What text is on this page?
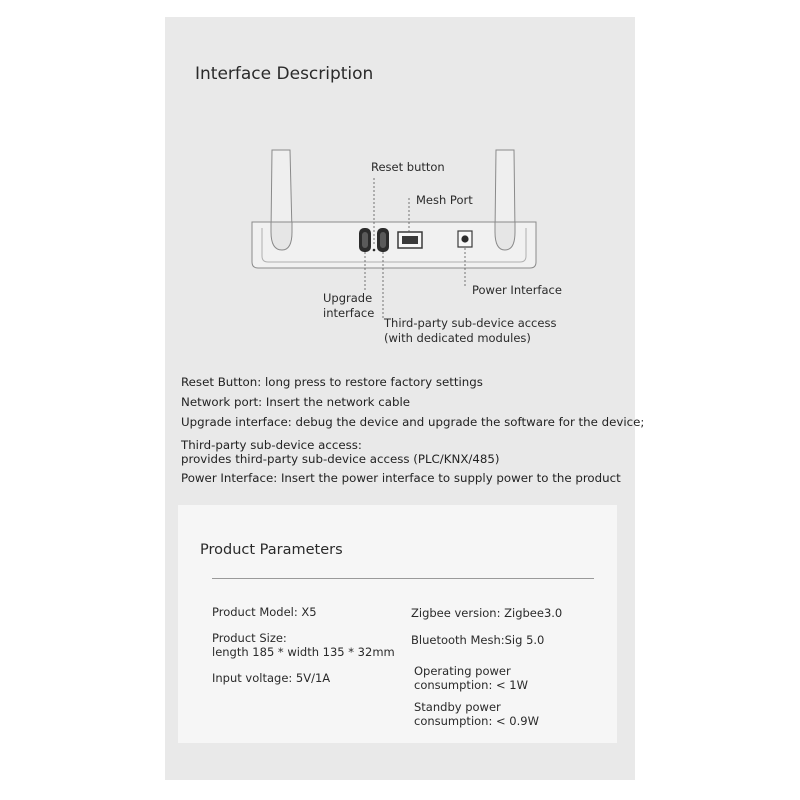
Interface Description
Reset button
Mesh Port
Upgrade
interface
Third-party sub-device access
(with dedicated modules)
Power Interface
Reset Button: long press to restore factory settings
Network port: Insert the network cable
Upgrade interface: debug the device and upgrade the software for the device;
Third-party sub-device access:
provides third-party sub-device access (PLC/KNX/485)
Power Interface: Insert the power interface to supply power to the product
Product Parameters
Product Model: X5
Product Size:
length 185 * width 135 * 32mm
Input voltage: 5V/1A
Zigbee version: Zigbee3.0
Bluetooth Mesh:Sig 5.0
Operating power
consumption: < 1W
Standby power
consumption: < 0.9W
